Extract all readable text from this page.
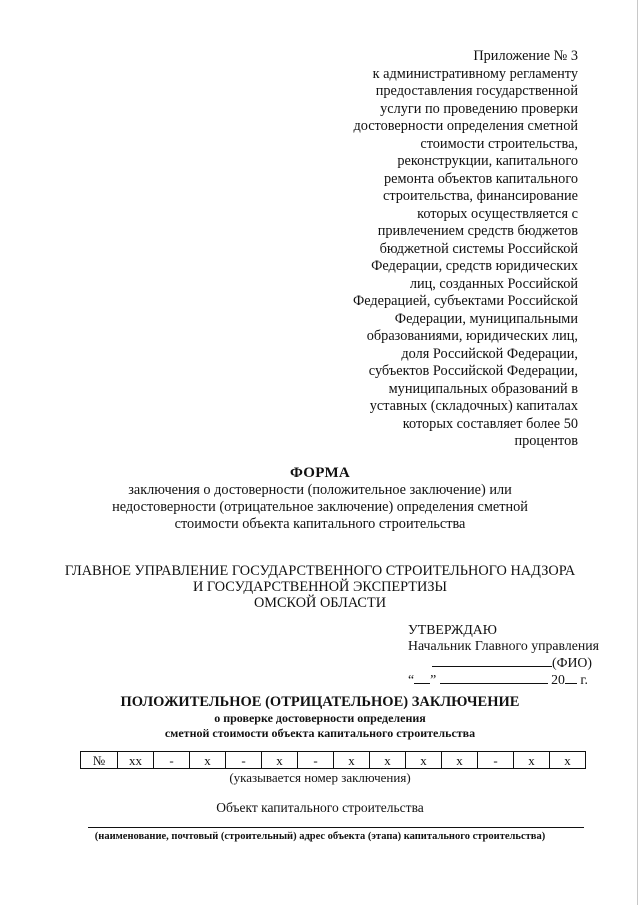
Приложение № 3
к административному регламенту
предоставления государственной
услуги по проведению проверки
достоверности определения сметной
стоимости строительства,
реконструкции, капитального
ремонта объектов капитального
строительства, финансирование
которых осуществляется с
привлечением средств бюджетов
бюджетной системы Российской
Федерации, средств юридических
лиц, созданных Российской
Федерацией, субъектами Российской
Федерации, муниципальными
образованиями, юридических лиц,
доля Российской Федерации,
субъектов Российской Федерации,
муниципальных образований в
уставных (складочных) капиталах
которых составляет более 50
процентов
ФОРМА
заключения о достоверности (положительное заключение) или
недостоверности (отрицательное заключение) определения сметной
стоимости объекта капитального строительства
ГЛАВНОЕ УПРАВЛЕНИЕ ГОСУДАРСТВЕННОГО СТРОИТЕЛЬНОГО НАДЗОРА
И ГОСУДАРСТВЕННОЙ ЭКСПЕРТИЗЫ
ОМСКОЙ ОБЛАСТИ
УТВЕРЖДАЮ
Начальник Главного управления
(ФИО)
“ ”	20 г.
ПОЛОЖИТЕЛЬНОЕ (ОТРИЦАТЕЛЬНОЕ) ЗАКЛЮЧЕНИЕ
о проверке достоверности определения
сметной стоимости объекта капитального строительства
№	хх	-	х	-	х	-	х	х	х	х	-	х	х
(указывается номер заключения)
Объект капитального строительства
(наименование, почтовый (строительный) адрес объекта (этапа) капитального строительства)
